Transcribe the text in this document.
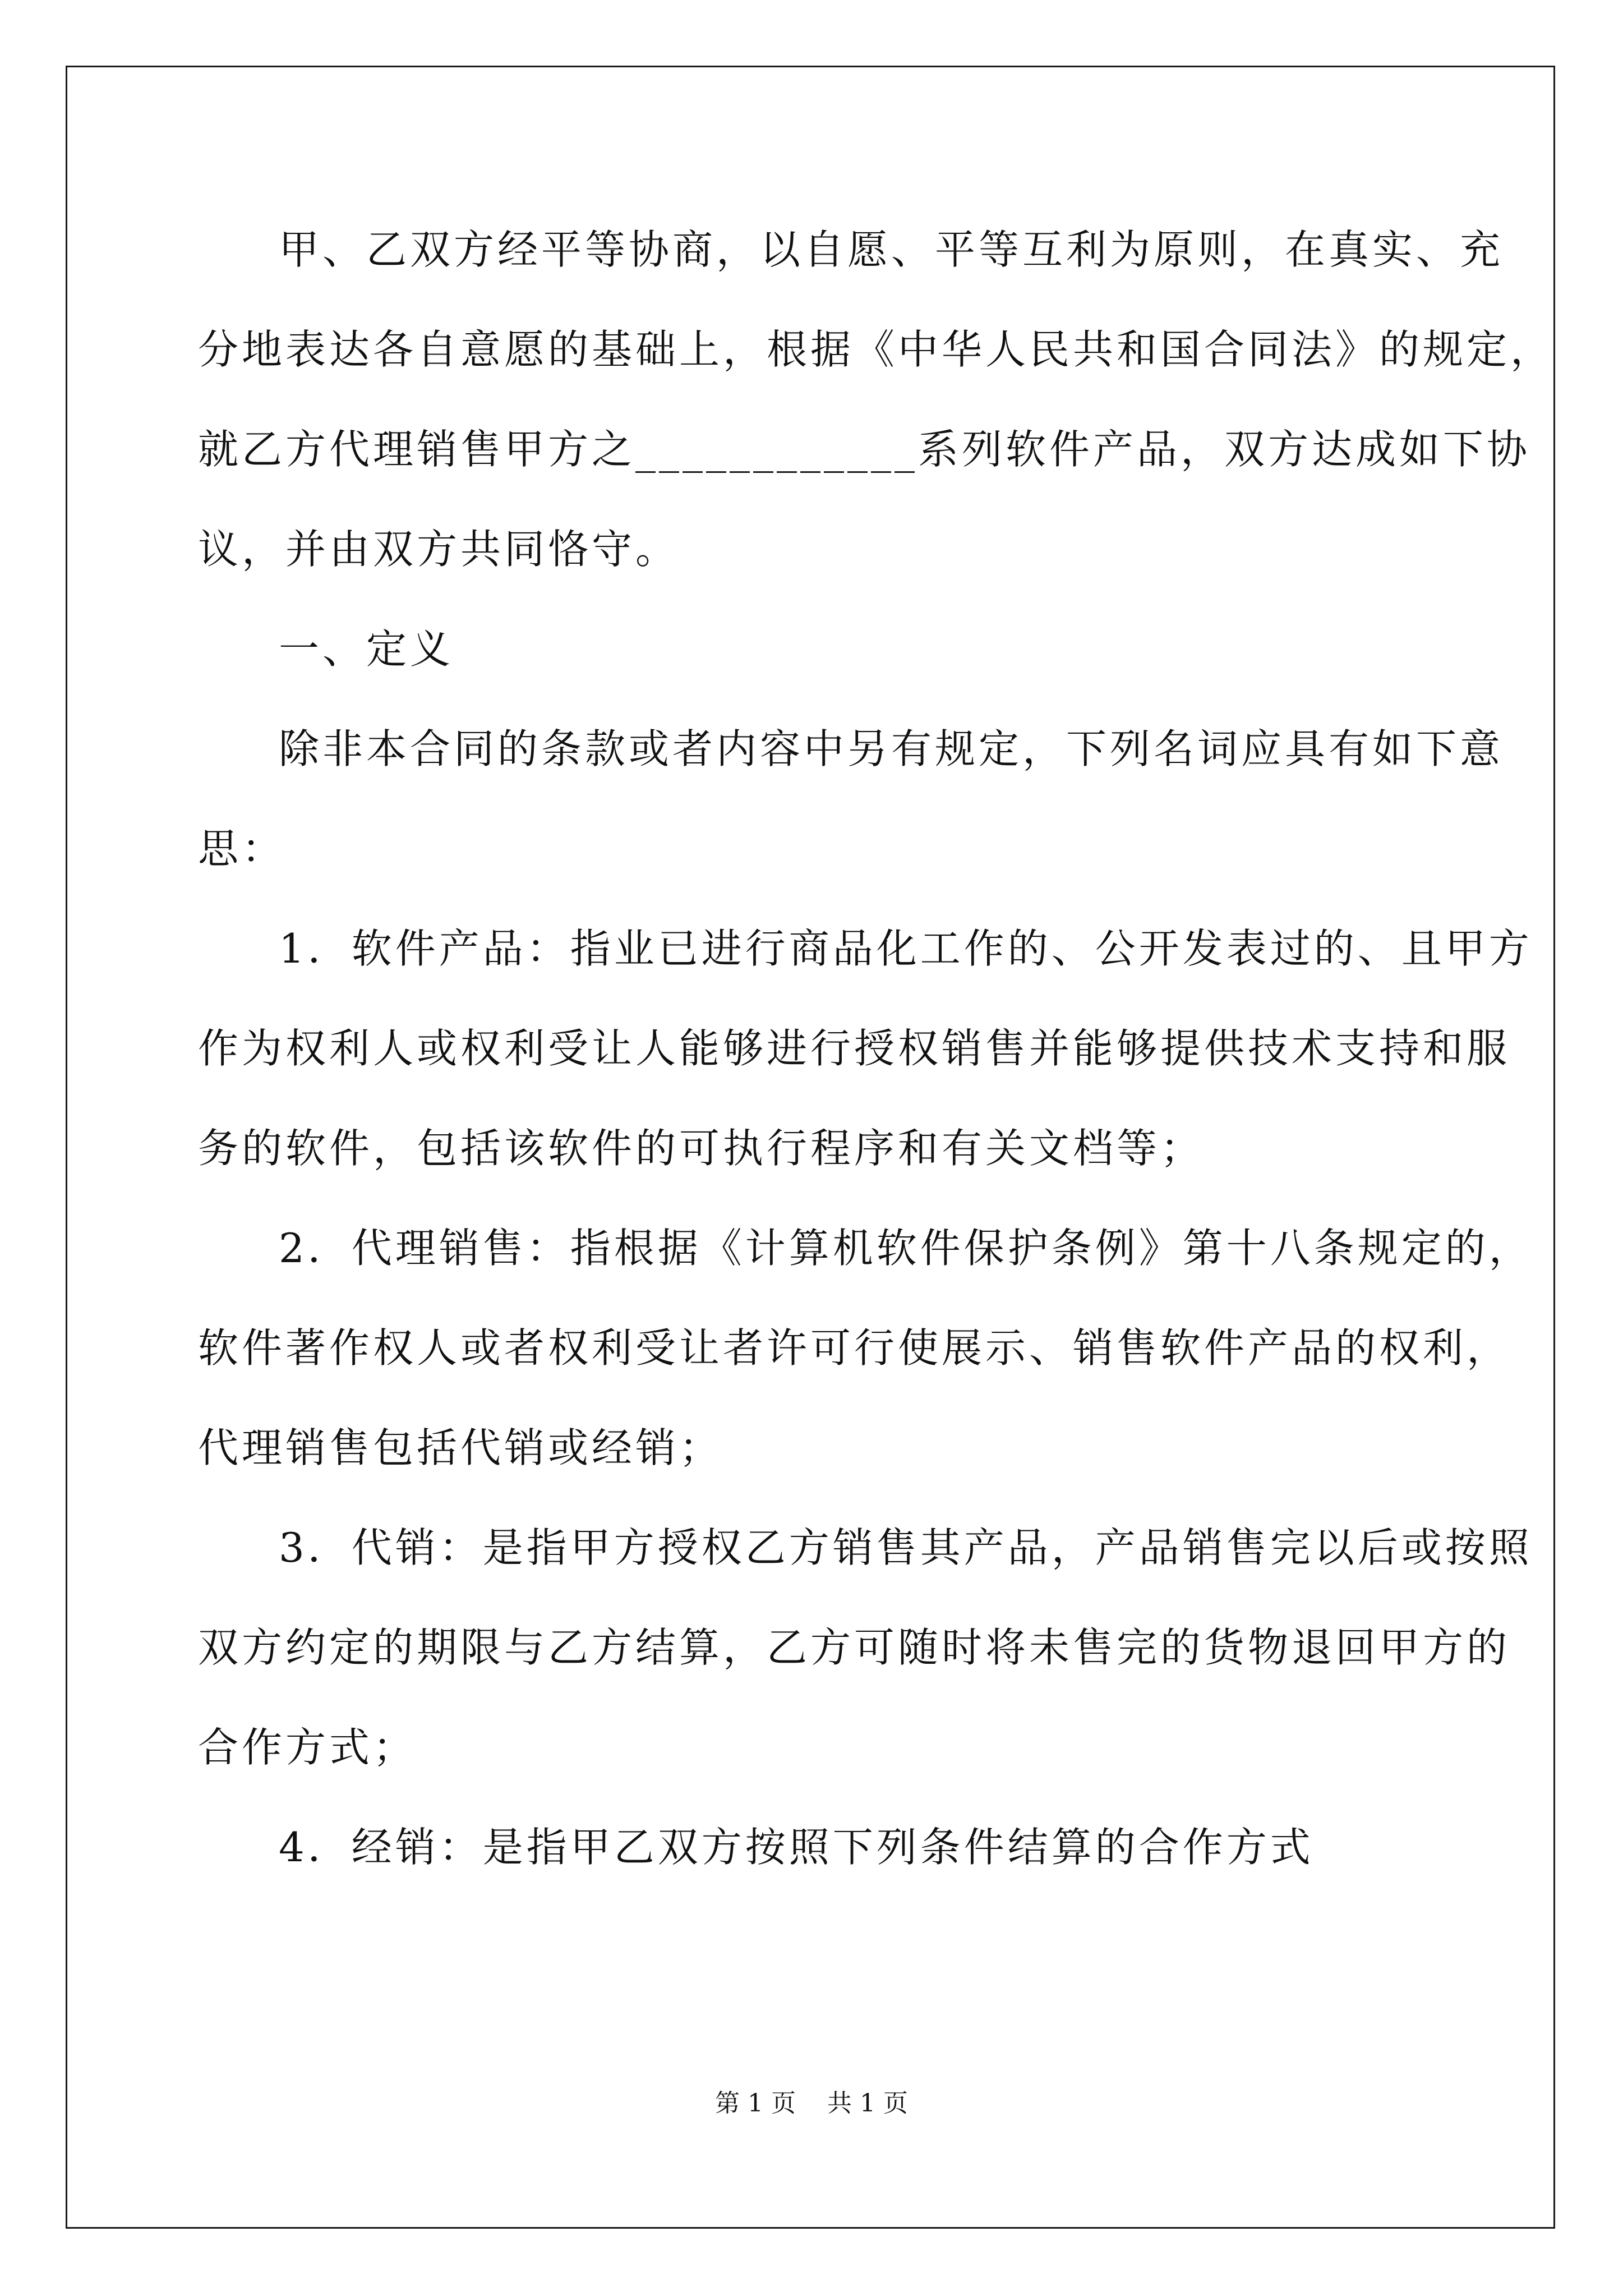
甲、乙双方经平等协商，以自愿、平等互利为原则，在真实、充
分地表达各自意愿的基础上，根据《中华人民共和国合同法》的规定，
就乙方代理销售甲方之____________系列软件产品，双方达成如下协
议，并由双方共同恪守。
一、定义
除非本合同的条款或者内容中另有规定，下列名词应具有如下意
思：
1．软件产品：指业已进行商品化工作的、公开发表过的、且甲方
作为权利人或权利受让人能够进行授权销售并能够提供技术支持和服
务的软件，包括该软件的可执行程序和有关文档等；
2．代理销售：指根据《计算机软件保护条例》第十八条规定的，
软件著作权人或者权利受让者许可行使展示、销售软件产品的权利，
代理销售包括代销或经销；
3．代销：是指甲方授权乙方销售其产品，产品销售完以后或按照
双方约定的期限与乙方结算，乙方可随时将未售完的货物退回甲方的
合作方式；
4．经销：是指甲乙双方按照下列条件结算的合作方式
第 1 页    共 1 页
